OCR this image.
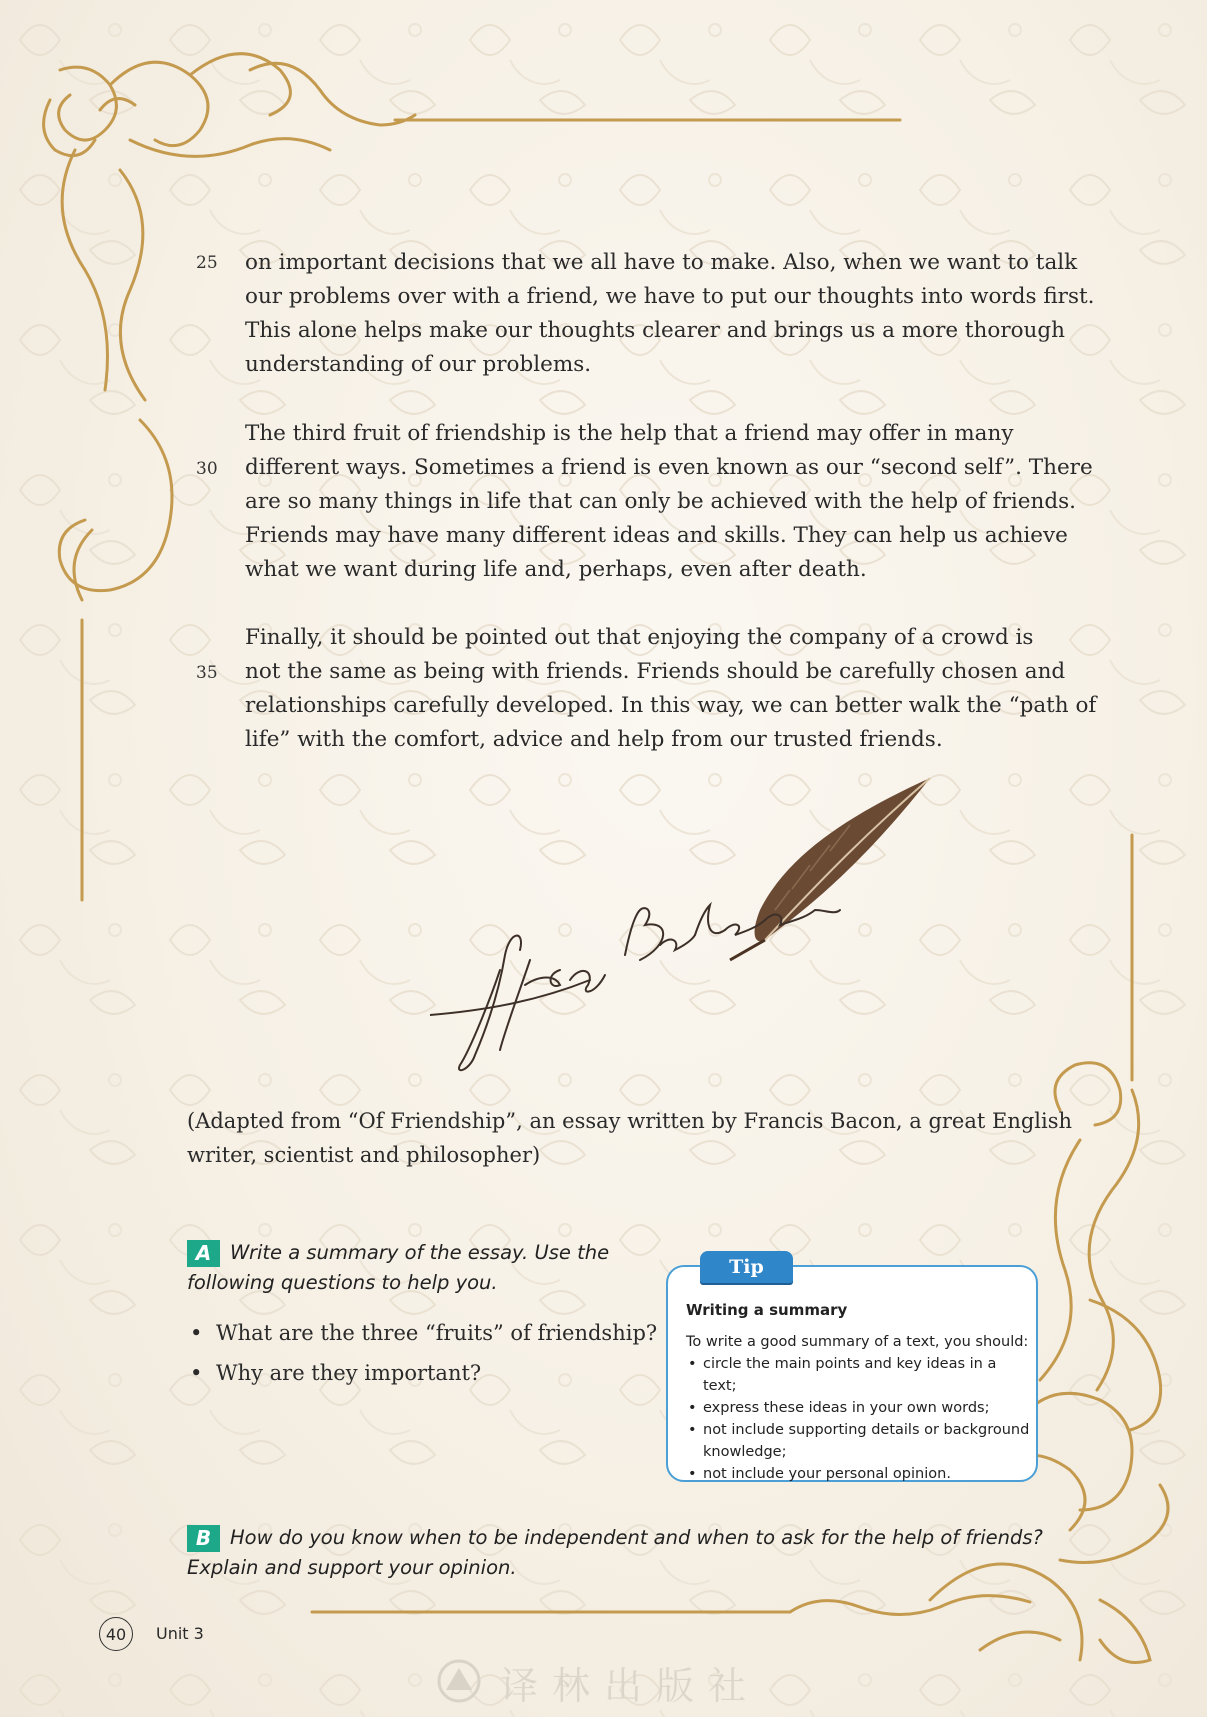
25
30
35
on important decisions that we all have to make. Also, when we want to talk
our problems over with a friend, we have to put our thoughts into words first.
This alone helps make our thoughts clearer and brings us a more thorough
understanding of our problems.
The third fruit of friendship is the help that a friend may offer in many
different ways. Sometimes a friend is even known as our “second self”. There
are so many things in life that can only be achieved with the help of friends.
Friends may have many different ideas and skills. They can help us achieve
what we want during life and, perhaps, even after death.
Finally, it should be pointed out that enjoying the company of a crowd is
not the same as being with friends. Friends should be carefully chosen and
relationships carefully developed. In this way, we can better walk the “path of
life” with the comfort, advice and help from our trusted friends.
(Adapted from “Of Friendship”, an essay written by Francis Bacon, a great English
writer, scientist and philosopher)
A Write a summary of the essay. Use the
following questions to help you.
• What are the three “fruits” of friendship?
• Why are they important?
Tip
Writing a summary
To write a good summary of a text, you should:
• circle the main points and key ideas in a text;
• express these ideas in your own words;
• not include supporting details or background knowledge;
• not include your personal opinion.
B How do you know when to be independent and when to ask for the help of friends?
Explain and support your opinion.
40	Unit 3
译林出版社
